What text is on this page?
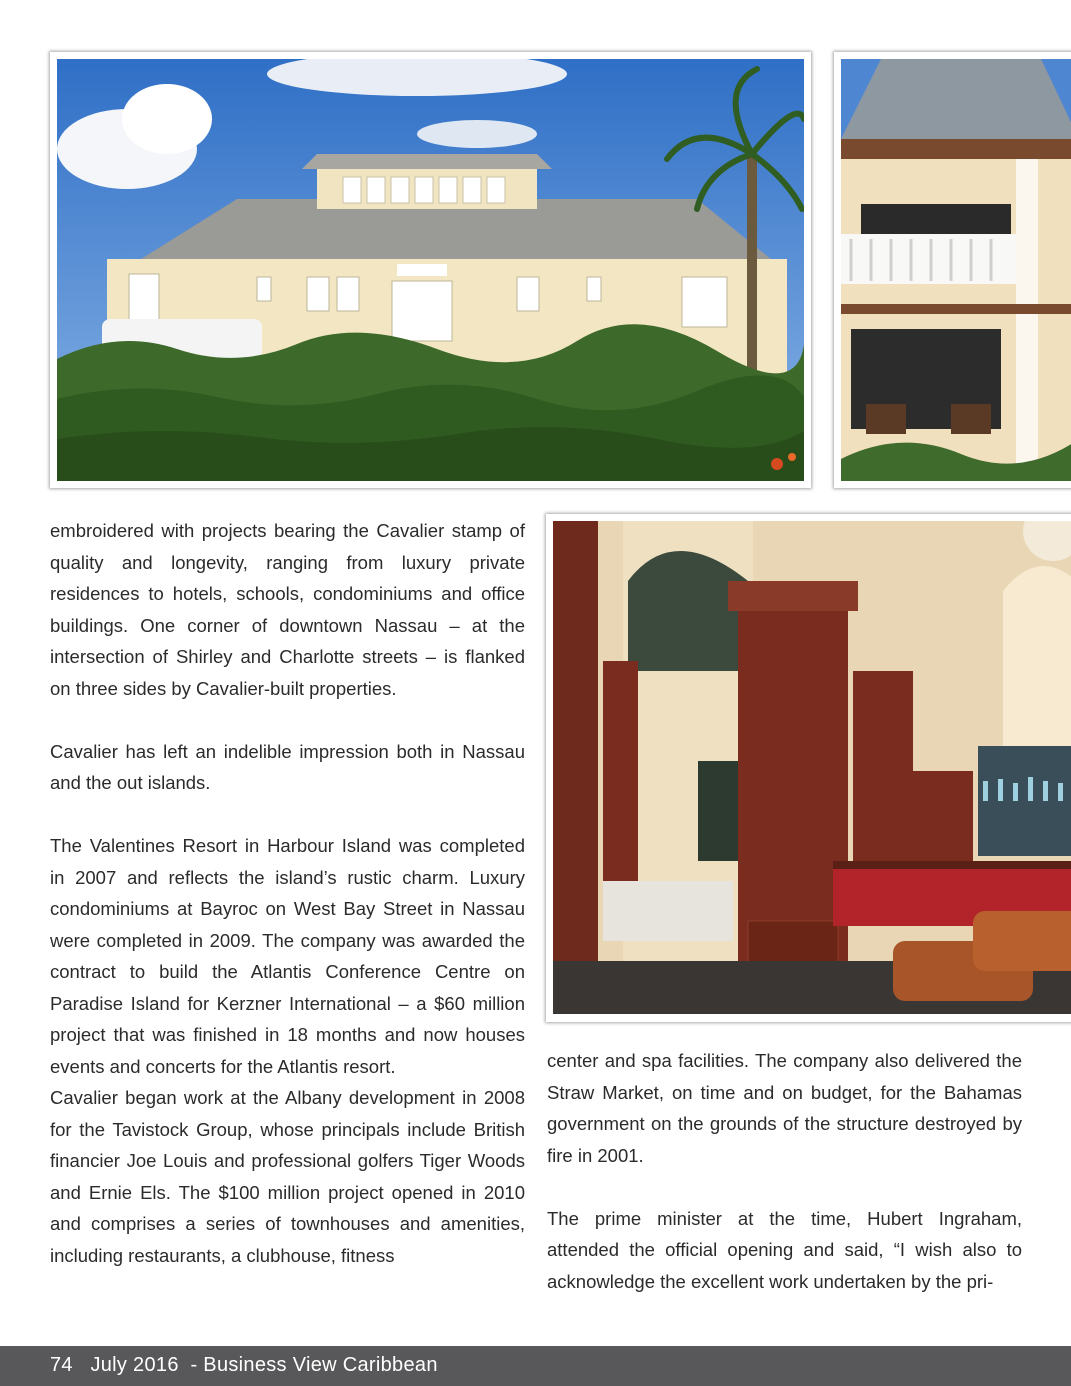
embroidered with projects bearing the Cavalier stamp of quality and longevity, ranging from luxury private residences to hotels, schools, condominiums and office buildings. One corner of downtown Nassau – at the intersection of Shirley and Charlotte streets – is flanked on three sides by Cavalier-built properties.

Cavalier has left an indelible impression both in Nassau and the out islands.

The Valentines Resort in Harbour Island was completed in 2007 and reflects the island’s rustic charm. Luxury condominiums at Bayroc on West Bay Street in Nassau were completed in 2009. The company was awarded the contract to build the Atlantis Conference Centre on Paradise Island for Kerzner International – a $60 million project that was finished in 18 months and now houses events and concerts for the Atlantis resort.

Cavalier began work at the Albany development in 2008 for the Tavistock Group, whose principals include British financier Joe Louis and professional golfers Tiger Woods and Ernie Els. The $100 million project opened in 2010 and comprises a series of townhouses and amenities, including restaurants, a clubhouse, fitness

center and spa facilities. The company also delivered the Straw Market, on time and on budget, for the Bahamas government on the grounds of the structure destroyed by fire in 2001.

The prime minister at the time, Hubert Ingraham, attended the official opening and said, “I wish also to acknowledge the excellent work undertaken by the pri-

74 July 2016 - Business View Caribbean
